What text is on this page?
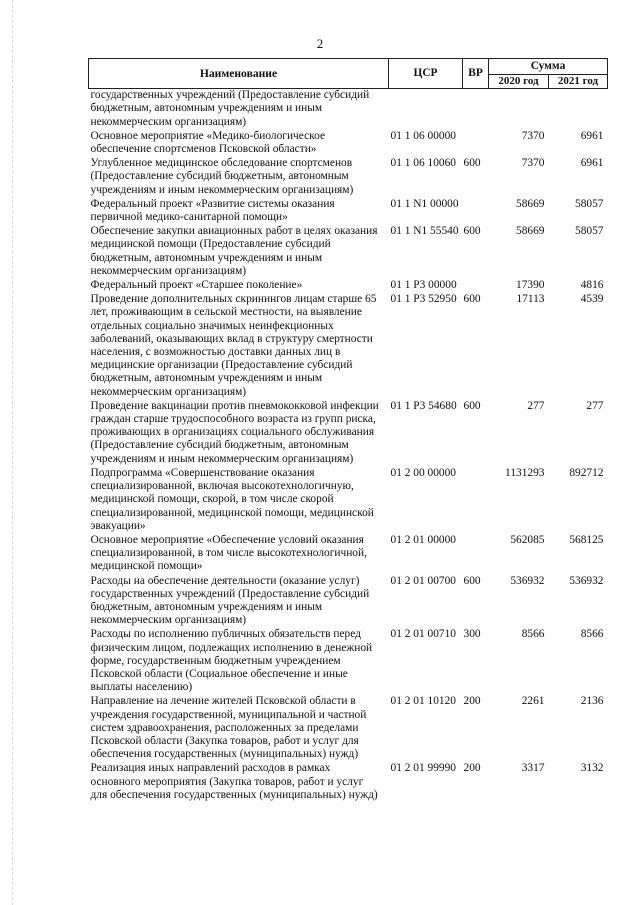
2
Наименование	ЦСР	ВР	Сумма	
			2020 год	2021 год
государственных учреждений (Предоставление субсидий бюджетным, автономным учреждениям и иным некоммерческим организациям)				
Основное мероприятие «Медико-биологическое обеспечение спортсменов Псковской области»	01 1 06 00000		7370	6961
Углубленное медицинское обследование спортсменов (Предоставление субсидий бюджетным, автономным учреждениям и иным некоммерческим организациям)	01 1 06 10060	600	7370	6961
Федеральный проект «Развитие системы оказания первичной медико-санитарной помощи»	01 1 N1 00000		58669	58057
Обеспечение закупки авиационных работ в целях оказания медицинской помощи (Предоставление субсидий бюджетным, автономным учреждениям и иным некоммерческим организациям)	01 1 N1 55540	600	58669	58057
Федеральный проект «Старшее поколение»	01 1 P3 00000		17390	4816
Проведение дополнительных скринингов лицам старше 65 лет, проживающим в сельской местности, на выявление отдельных социально значимых неинфекционных заболеваний, оказывающих вклад в структуру смертности населения, с возможностью доставки данных лиц в медицинские организации (Предоставление субсидий бюджетным, автономным учреждениям и иным некоммерческим организациям)	01 1 P3 52950	600	17113	4539
Проведение вакцинации против пневмококковой инфекции граждан старше трудоспособного возраста из групп риска, проживающих в организациях социального обслуживания (Предоставление субсидий бюджетным, автономным учреждениям и иным некоммерческим организациям)	01 1 P3 54680	600	277	277
Подпрограмма «Совершенствование оказания специализированной, включая высокотехнологичную, медицинской помощи, скорой, в том числе скорой специализированной, медицинской помощи, медицинской эвакуации»	01 2 00 00000		1131293	892712
Основное мероприятие «Обеспечение условий оказания специализированной, в том числе высокотехнологичной, медицинской помощи»	01 2 01 00000		562085	568125
Расходы на обеспечение деятельности (оказание услуг) государственных учреждений (Предоставление субсидий бюджетным, автономным учреждениям и иным некоммерческим организациям)	01 2 01 00700	600	536932	536932
Расходы по исполнению публичных обязательств перед физическим лицом, подлежащих исполнению в денежной форме, государственным бюджетным учреждением Псковской области (Социальное обеспечение и иные выплаты населению)	01 2 01 00710	300	8566	8566
Направление на лечение жителей Псковской области в учреждения государственной, муниципальной и частной систем здравоохранения, расположенных за пределами Псковской области (Закупка товаров, работ и услуг для обеспечения государственных (муниципальных) нужд)	01 2 01 10120	200	2261	2136
Реализация иных направлений расходов в рамках основного мероприятия (Закупка товаров, работ и услуг для обеспечения государственных (муниципальных) нужд)	01 2 01 99990	200	3317	3132
